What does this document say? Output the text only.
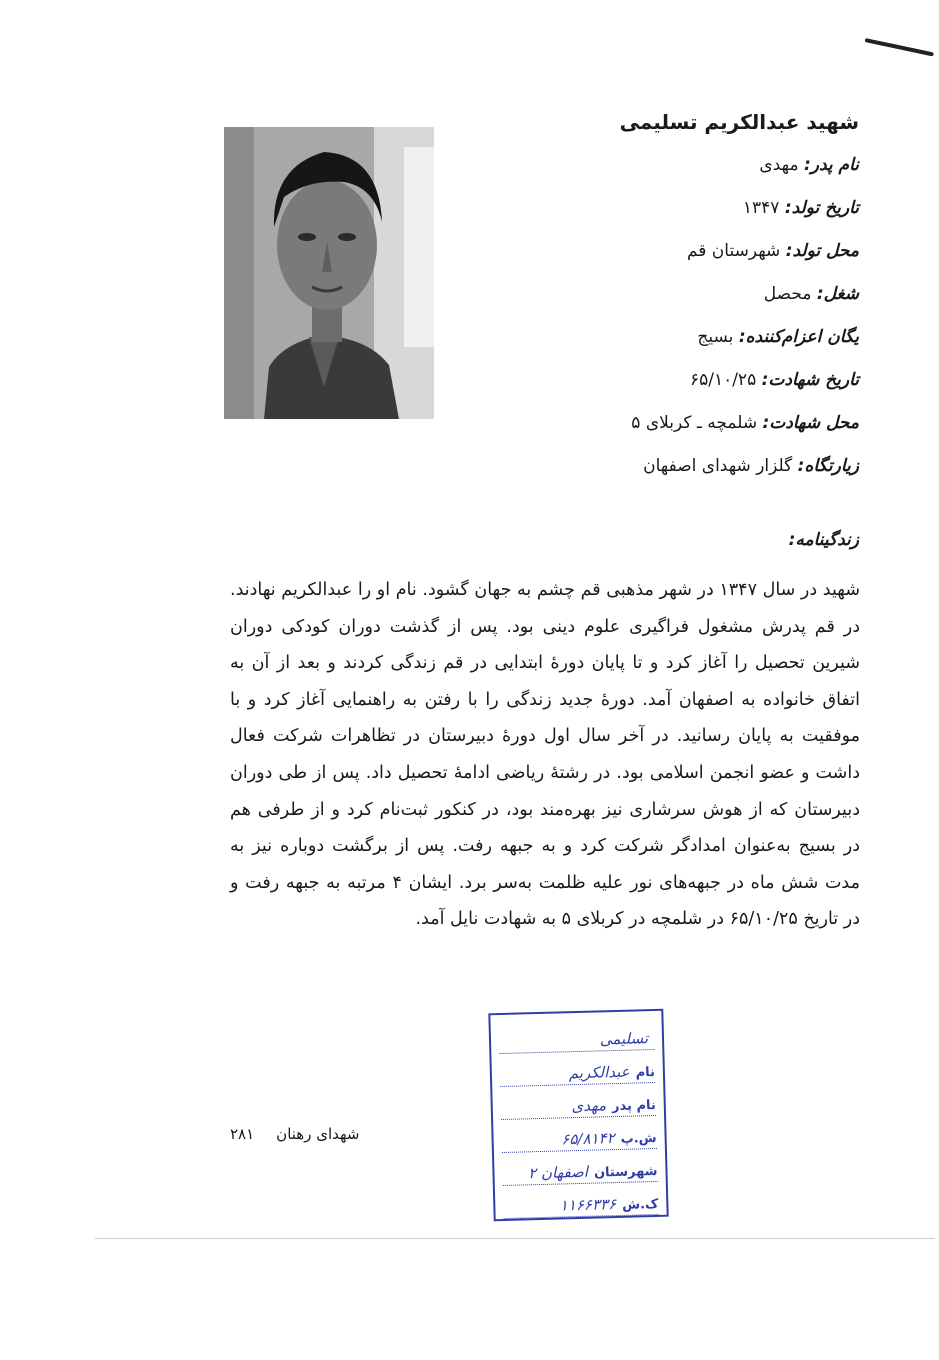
شهید عبدالکریم تسلیمی
نام پدر: مهدی
تاریخ تولد: ۱۳۴۷
محل تولد: شهرستان قم
شغل: محصل
یگان اعزام‌کننده: بسیج
تاریخ شهادت: ۶۵/۱۰/۲۵
محل شهادت: شلمچه ـ کربلای ۵
زیارتگاه: گلزار شهدای اصفهان
زندگینامه:
شهید در سال ۱۳۴۷ در شهر مذهبی قم چشم به جهان گشود. نام او را عبدالکریم نهادند. در قم پدرش مشغول فراگیری علوم دینی بود. پس از گذشت دوران کودکی دوران شیرین تحصیل را آغاز کرد و تا پایان دورهٔ ابتدایی در قم زندگی کردند و بعد از آن به اتفاق خانواده به اصفهان آمد. دورهٔ جدید زندگی را با رفتن به راهنمایی آغاز کرد و با موفقیت به پایان رسانید. در آخر سال اول دورهٔ دبیرستان در تظاهرات شرکت فعال داشت و عضو انجمن اسلامی بود. در رشتهٔ ریاضی ادامهٔ تحصیل داد. پس از طی دوران دبیرستان که از هوش سرشاری نیز بهره‌مند بود، در کنکور ثبت‌نام کرد و از طرفی هم در بسیج به‌عنوان امدادگر شرکت کرد و به جبهه رفت. پس از برگشت دوباره نیز به مدت شش ماه در جبهه‌های نور علیه ظلمت به‌سر برد. ایشان ۴ مرتبه به جبهه رفت و در تاریخ ۶۵/۱۰/۲۵ در شلمچه در کربلای ۵ به شهادت نایل آمد.
شهدای رهنان
۲۸۱
تسلیمی
نام
عبدالکریم
نام پدر
مهدی
ش.پ
۶۵/۸۱۴۲
شهرستان
اصفهان ۲
ک.ش
۱۱۶۶۳۳۶
